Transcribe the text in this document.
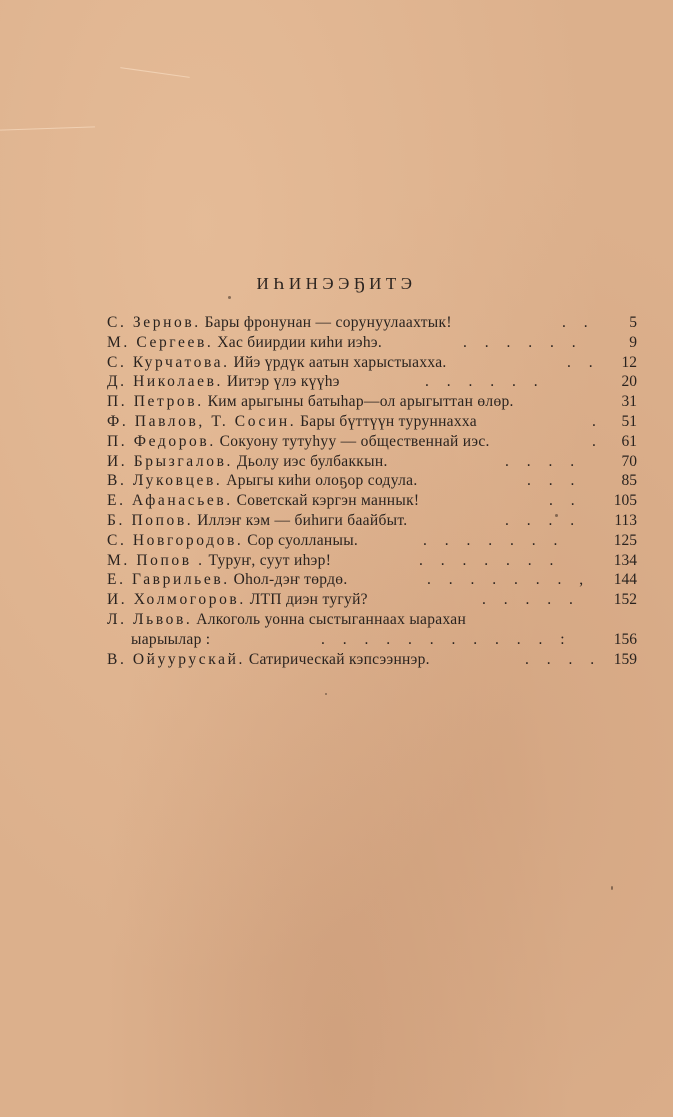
ИҺИНЭЭҔИТЭ
С. Зернов. Бары фронунан — сорунуулаахтык!	. . 5
М. Сергеев. Хас биирдии киһи иэһэ.	. . . . . .	9
С. Курчатова. Ийэ үрдүк аатын харыстыахха.	. . 12
Д. Николаев. Иитэр үлэ күүһэ	. . . . . .	20
П. Петров. Ким арыгыны батыһар—ол арыгыттан өлөр.	31
Ф. Павлов, Т. Сосин. Бары бүттүүн туруннахха	. 51
П. Федоров. Сокуону тутуһуу — общественнай иэс.	. 61
И. Брызгалов. Дьолу иэс булбаккын.	. . . .	70
В. Луковцев. Арыгы киһи олоҕор содула.	. . .	85
Е. Афанасьев. Советскай кэргэн маннык!	. . 105
Б. Попов. Иллэҥ кэм — биһиги баайбыт.	. . . . 113
С. Новгородов. Сор суолланыы.	. . . . . . .	125
М. Попов . Туруҥ, суут иһэр!	. . . . . . .	134
Е. Гаврильев. Оһол-дэҥ төрдө.	. . . . . . . , 144
И. Холмогоров. ЛТП диэн тугуй?	. . . . . 152
Л. Львов. Алкоголь уонна сыстыганнаах ыарахан
ыарыылар :	. . . . . . . . . . . :	156
В. Ойуурускай. Сатирическай кэпсээннэр.	. . . . 159
